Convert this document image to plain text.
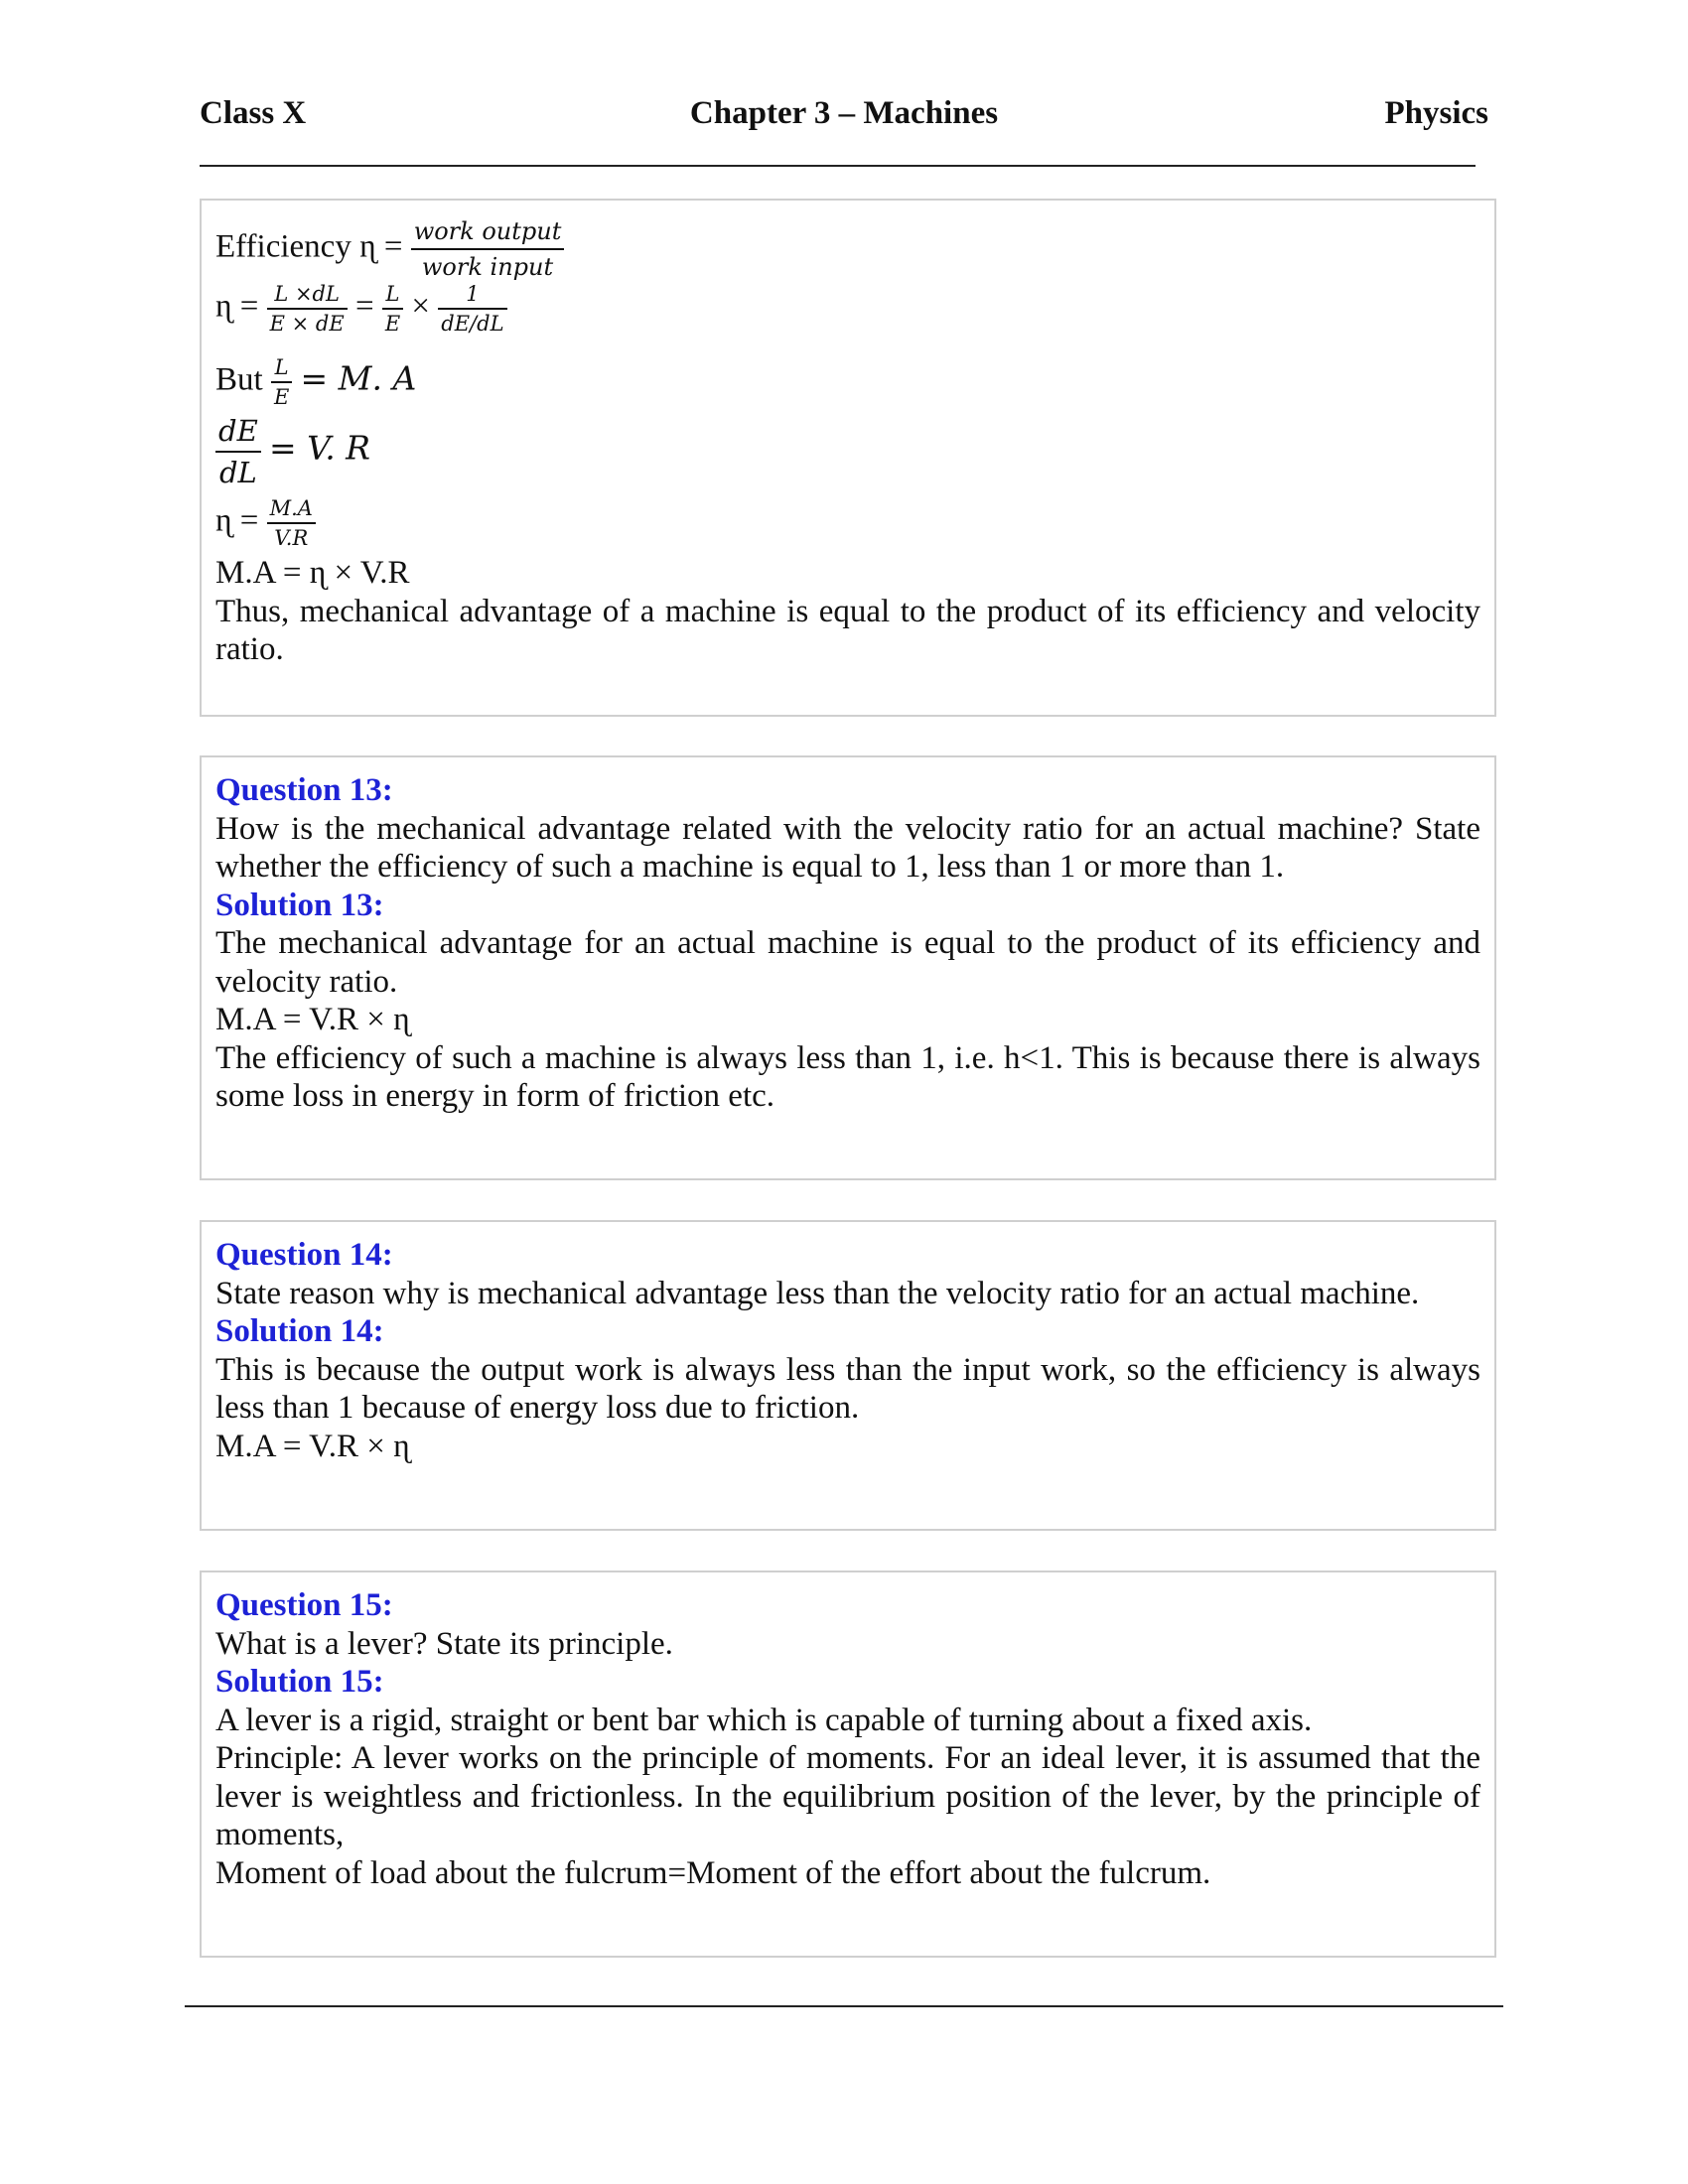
Class X	Chapter 3 – Machines	Physics
Efficiency ɳ = $\frac{\text{work output}}{\text{work input}}$
ɳ = $\frac{L \times dL}{E \times dE} = \frac{L}{E} \times \frac{1}{dE/dL}$
But $\frac{L}{E} = M$. A
$\frac{dE}{dL} = V$. R
ɳ = $\frac{M.A}{V.R}$

M.A = ɳ × V.R

Thus, mechanical advantage of a machine is equal to the product of its efficiency and velocity ratio.

Question 13:

How is the mechanical advantage related with the velocity ratio for an actual machine? State whether the efficiency of such a machine is equal to 1, less than 1 or more than 1.

Solution 13:

The mechanical advantage for an actual machine is equal to the product of its efficiency and velocity ratio.

M.A = V.R × ɳ

The efficiency of such a machine is always less than 1, i.e. h<1. This is because there is always some loss in energy in form of friction etc.

Question 14:

State reason why is mechanical advantage less than the velocity ratio for an actual machine.

Solution 14:

This is because the output work is always less than the input work, so the efficiency is always less than 1 because of energy loss due to friction.

M.A = V.R × ɳ

Question 15:

What is a lever? State its principle.

Solution 15:

A lever is a rigid, straight or bent bar which is capable of turning about a fixed axis.

Principle: A lever works on the principle of moments. For an ideal lever, it is assumed that the lever is weightless and frictionless. In the equilibrium position of the lever, by the principle of moments,

Moment of load about the fulcrum=Moment of the effort about the fulcrum.
